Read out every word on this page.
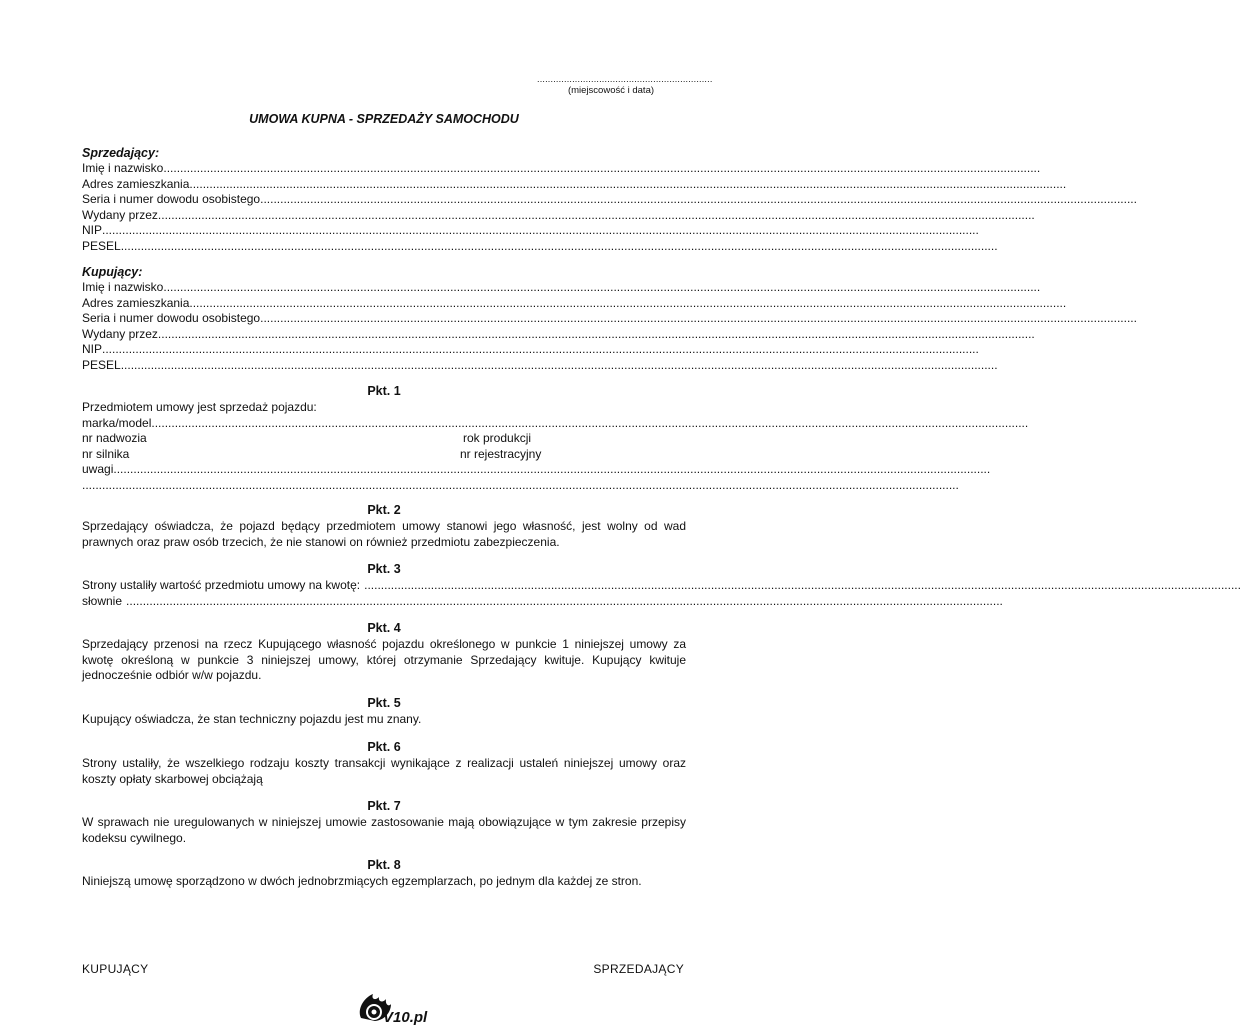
.................................................................
(miejscowość i data)
UMOWA KUPNA - SPRZEDAŻY SAMOCHODU
Sprzedający:
Imię i nazwisko
.....
Adres zamieszkania
.....
Seria i numer dowodu osobistego
.....
Wydany przez
.....
NIP
.....
PESEL
.....
Kupujący:
Imię i nazwisko
.....
Adres zamieszkania
.....
Seria i numer dowodu osobistego
.....
Wydany przez
.....
NIP
.....
PESEL
.....
Pkt. 1
Przedmiotem umowy jest sprzedaż pojazdu:
marka/model
.....
nr nadwozia	rok produkcji
nr silnika	nr rejestracyjny
uwagi
.....
.....
Pkt. 2
Sprzedający oświadcza, że pojazd będący przedmiotem umowy stanowi jego własność, jest wolny od wad prawnych oraz praw osób trzecich, że nie stanowi on również przedmiotu zabezpieczenia.
Pkt. 3
Strony ustaliły wartość przedmiotu umowy na kwotę:
.....
słownie
.....
Pkt. 4
Sprzedający przenosi na rzecz Kupującego własność pojazdu określonego w punkcie 1 niniejszej umowy za kwotę określoną w punkcie 3 niniejszej umowy, której otrzymanie Sprzedający kwituje. Kupujący kwituje jednocześnie odbiór w/w pojazdu.
Pkt. 5
Kupujący oświadcza, że stan techniczny pojazdu jest mu znany.
Pkt. 6
Strony ustaliły, że wszelkiego rodzaju koszty transakcji wynikające z realizacji ustaleń niniejszej umowy oraz koszty opłaty skarbowej obciążają
Pkt. 7
W sprawach nie uregulowanych w niniejszej umowie zastosowanie mają obowiązujące w tym zakresie przepisy kodeksu cywilnego.
Pkt. 8
Niniejszą umowę sporządzono w dwóch jednobrzmiących egzemplarzach, po jednym dla każdej ze stron.
KUPUJĄCY	SPRZEDAJĄCY
V10.pl
